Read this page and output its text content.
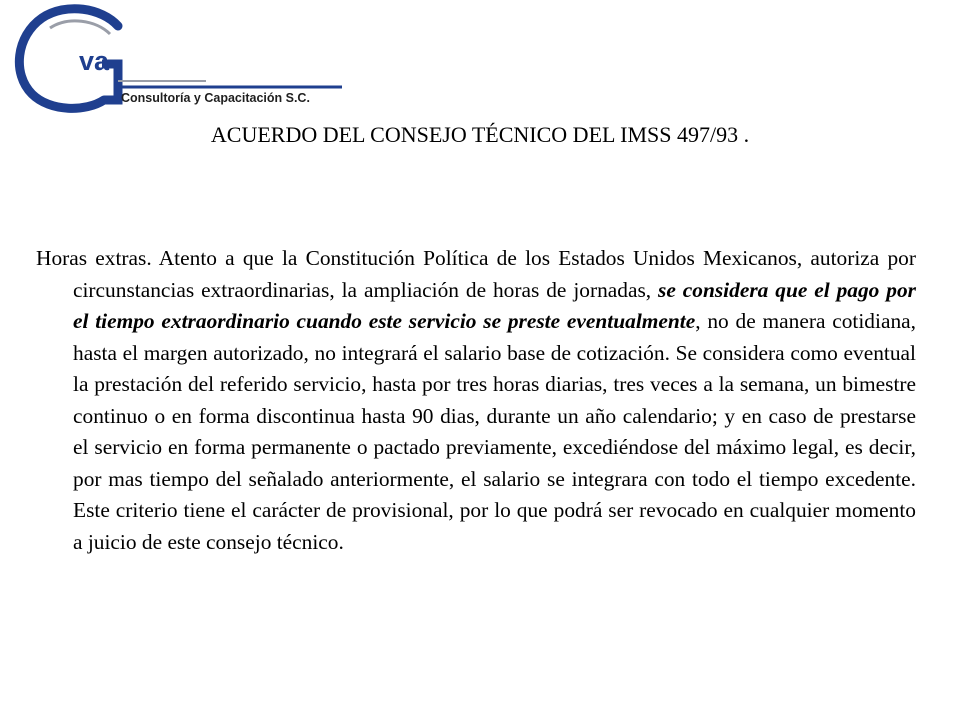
va
Consultoría y Capacitación S.C.
ACUERDO DEL CONSEJO TÉCNICO DEL IMSS 497/93 .
Horas extras. Atento a que la Constitución Política de los Estados Unidos Mexicanos, autoriza por circunstancias extraordinarias, la ampliación de horas de jornadas, se considera que el pago por el tiempo extraordinario cuando este servicio se preste eventualmente, no de manera cotidiana, hasta el margen autorizado, no integrará el salario base de cotización. Se considera como eventual la prestación del referido servicio, hasta por tres horas diarias, tres veces a la semana, un bimestre continuo o en forma discontinua hasta 90 dias, durante un año calendario; y en caso de prestarse el servicio en forma permanente o pactado previamente, excediéndose del máximo legal, es decir, por mas tiempo del señalado anteriormente, el salario se integrara con todo el tiempo excedente. Este criterio tiene el carácter de provisional, por lo que podrá ser revocado en cualquier momento a juicio de este consejo técnico.
